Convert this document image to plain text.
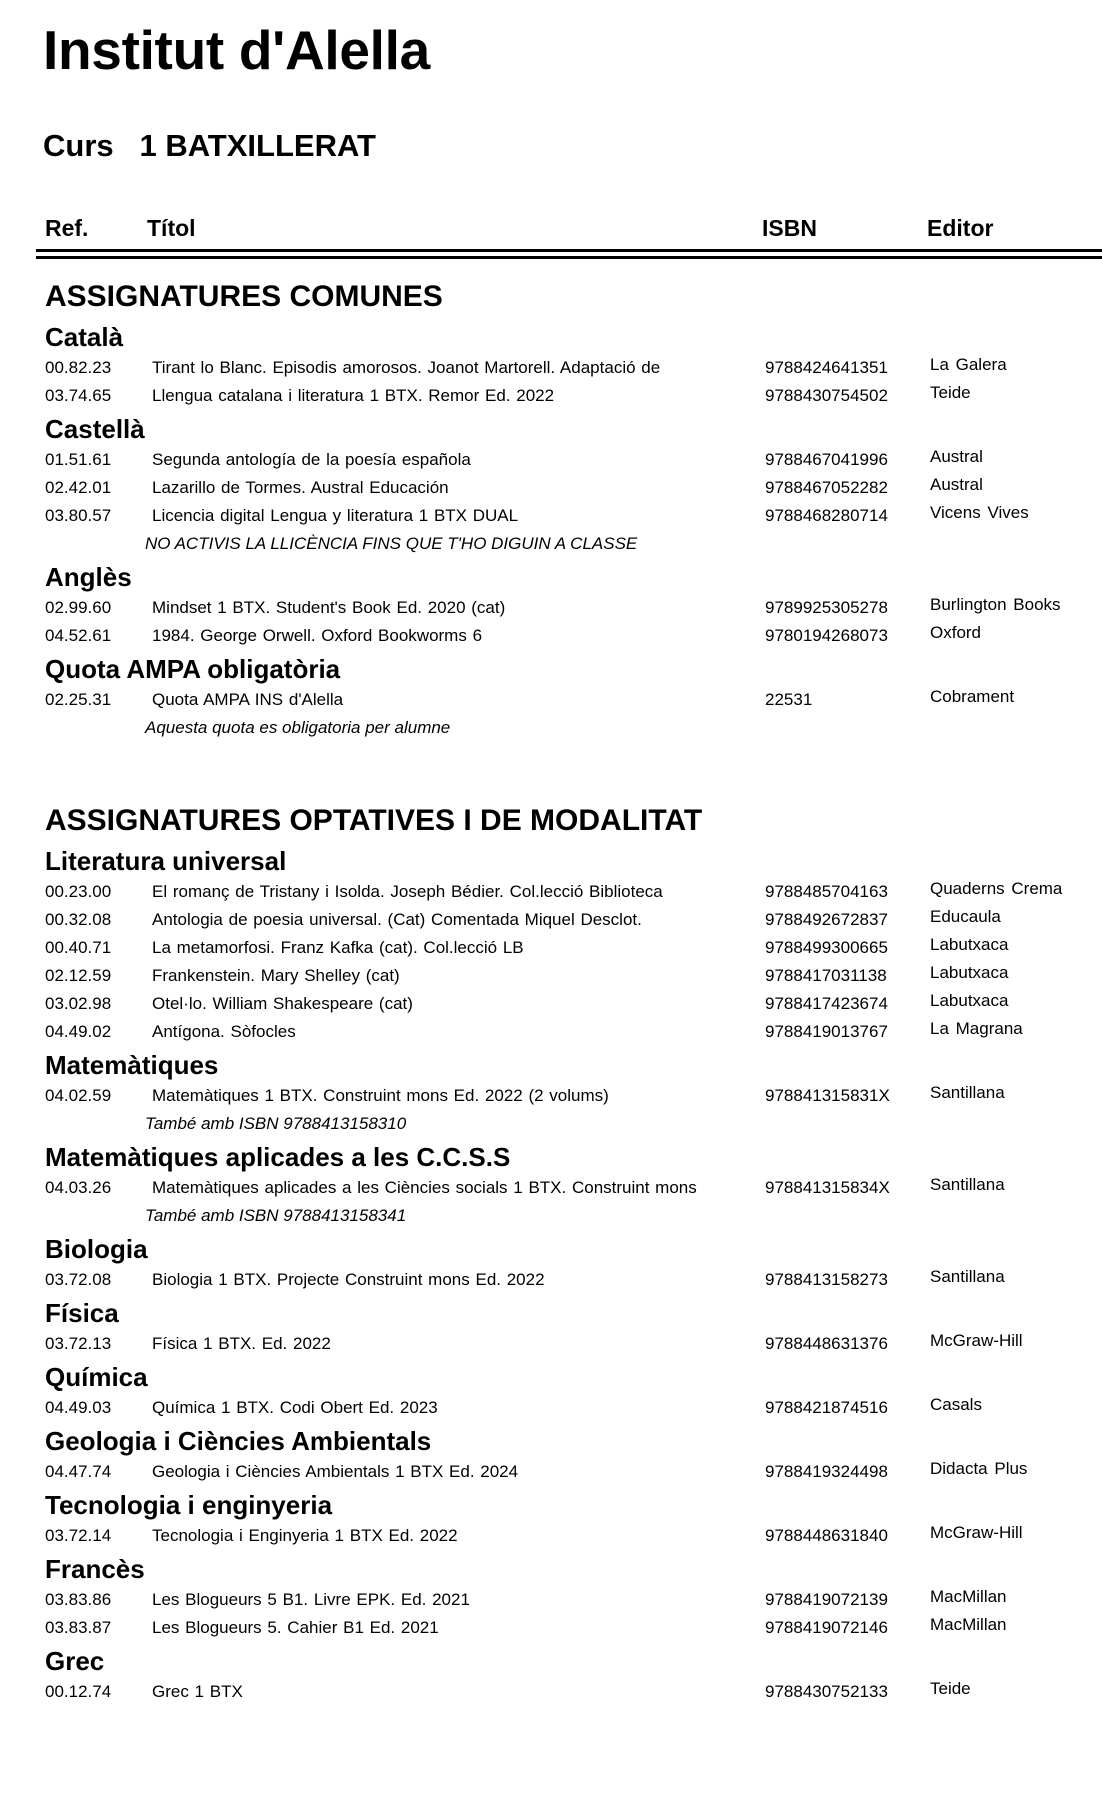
Institut d'Alella
Curs 1 BATXILLERAT
Ref.	Títol	ISBN	Editor
ASSIGNATURES COMUNES
Català
00.82.23 Tirant lo Blanc. Episodis amorosos. Joanot Martorell. Adaptació de	9788424641351 La Galera
03.74.65 Llengua catalana i literatura 1 BTX. Remor Ed. 2022	9788430754502 Teide
Castellà
01.51.61 Segunda antología de la poesía española	9788467041996 Austral
02.42.01 Lazarillo de Tormes. Austral Educación	9788467052282 Austral
03.80.57 Licencia digital Lengua y literatura 1 BTX DUAL	9788468280714 Vicens Vives
NO ACTIVIS LA LLICÈNCIA FINS QUE T'HO DIGUIN A CLASSE
Anglès
02.99.60 Mindset 1 BTX. Student's Book Ed. 2020 (cat)	9789925305278 Burlington Books
04.52.61 1984. George Orwell. Oxford Bookworms 6	9780194268073 Oxford
Quota AMPA obligatòria
02.25.31 Quota AMPA INS d'Alella	22531	Cobrament
Aquesta quota es obligatoria per alumne
ASSIGNATURES OPTATIVES I DE MODALITAT
Literatura universal
00.23.00 El romanç de Tristany i Isolda. Joseph Bédier. Col.lecció Biblioteca	9788485704163 Quaderns Crema
00.32.08 Antologia de poesia universal. (Cat) Comentada Miquel Desclot.	9788492672837 Educaula
00.40.71 La metamorfosi. Franz Kafka (cat). Col.lecció LB	9788499300665 Labutxaca
02.12.59 Frankenstein. Mary Shelley (cat)	9788417031138	Labutxaca
03.02.98 Otel·lo. William Shakespeare (cat)	9788417423674 Labutxaca
04.49.02 Antígona. Sòfocles	9788419013767 La Magrana
Matemàtiques
04.02.59 Matemàtiques 1 BTX. Construint mons Ed. 2022 (2 volums)	978841315831X Santillana
També amb ISBN 9788413158310
Matemàtiques aplicades a les C.C.S.S
04.03.26 Matemàtiques aplicades a les Ciències socials 1 BTX. Construint mons	978841315834X Santillana
També amb ISBN 9788413158341
Biologia
03.72.08 Biologia 1 BTX. Projecte Construint mons Ed. 2022	9788413158273 Santillana
Física
03.72.13 Física 1 BTX. Ed. 2022	9788448631376 McGraw-Hill
Química
04.49.03 Química 1 BTX. Codi Obert Ed. 2023	9788421874516 Casals
Geologia i Ciències Ambientals
04.47.74 Geologia i Ciències Ambientals 1 BTX Ed. 2024	9788419324498 Didacta Plus
Tecnologia i enginyeria
03.72.14 Tecnologia i Enginyeria 1 BTX Ed. 2022	9788448631840 McGraw-Hill
Francès
03.83.86 Les Blogueurs 5 B1. Livre EPK. Ed. 2021	9788419072139 MacMillan
03.83.87 Les Blogueurs 5. Cahier B1 Ed. 2021	9788419072146 MacMillan
Grec
00.12.74 Grec 1 BTX	9788430752133 Teide
